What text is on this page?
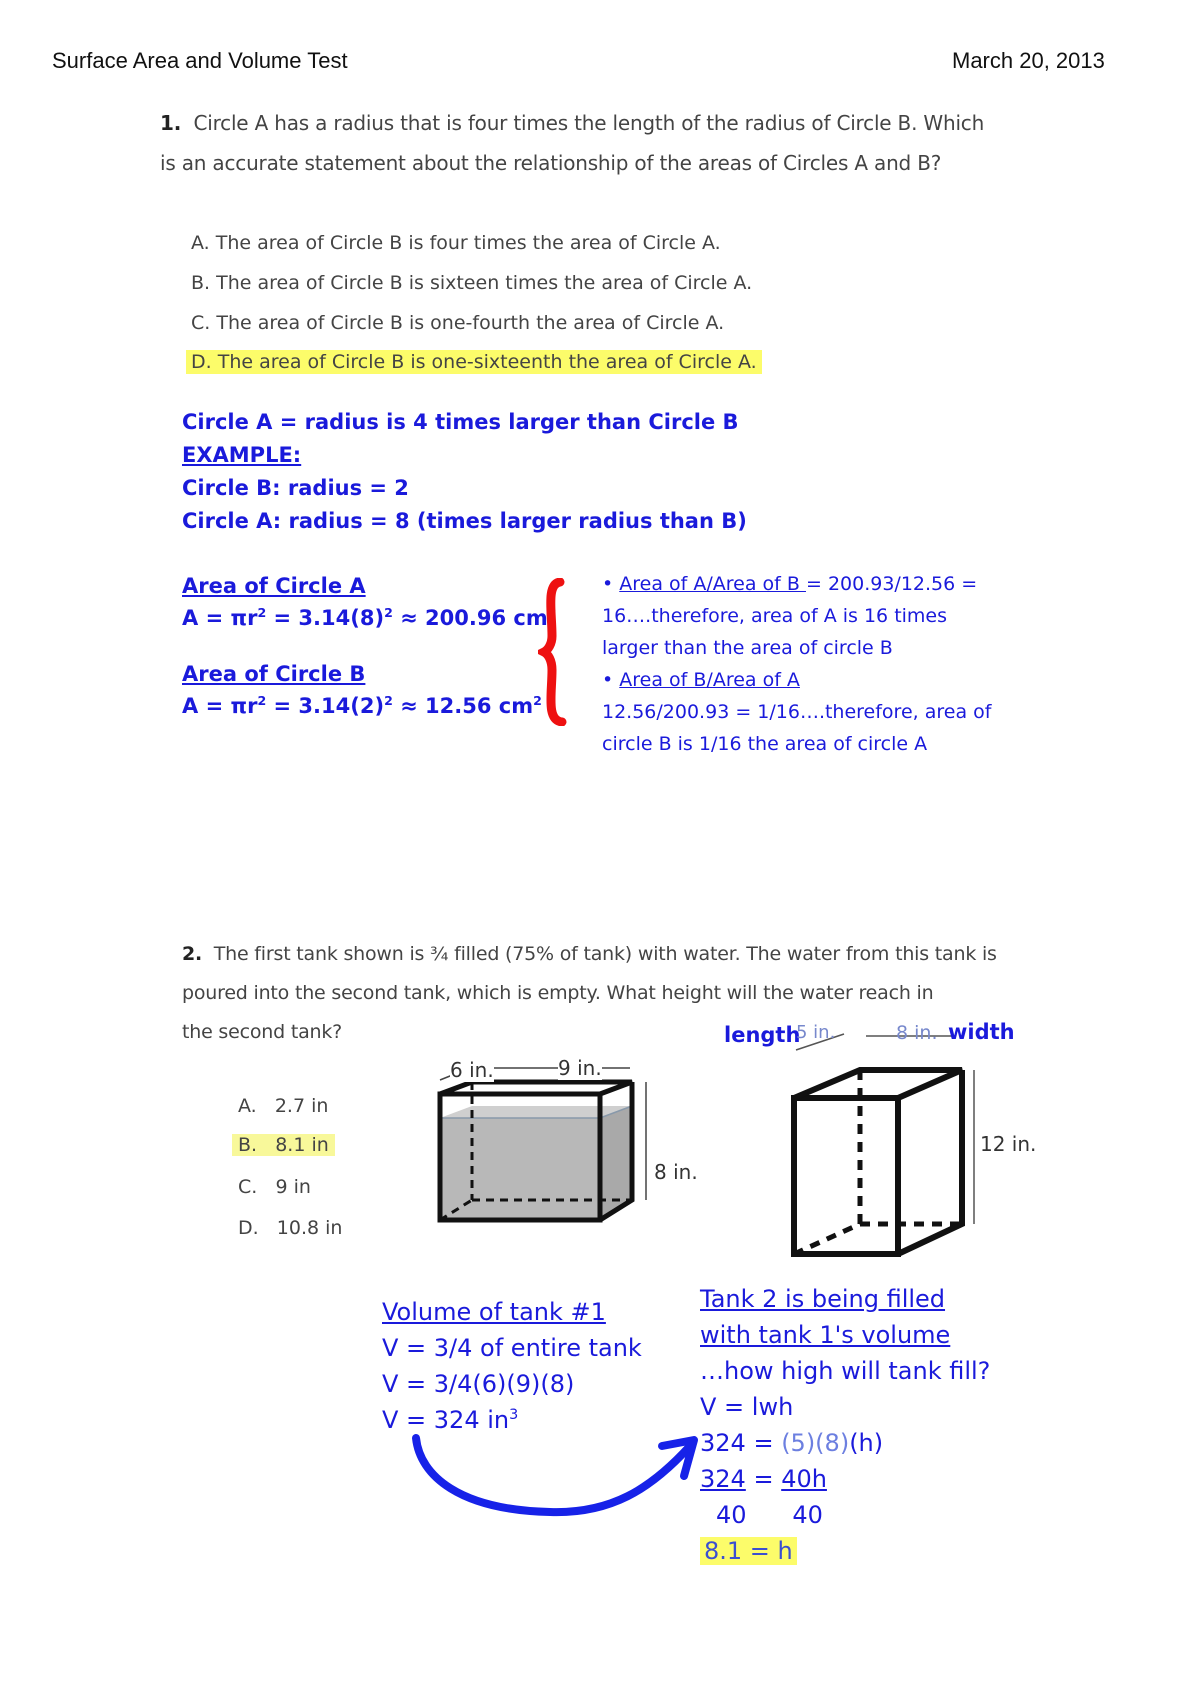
Surface Area and Volume Test	March 20, 2013
1. Circle A has a radius that is four times the length of the radius of Circle B. Which
is an accurate statement about the relationship of the areas of Circles A and B?
A. The area of Circle B is four times the area of Circle A.
B. The area of Circle B is sixteen times the area of Circle A.
C. The area of Circle B is one-fourth the area of Circle A.
D. The area of Circle B is one-sixteenth the area of Circle A.
Circle A = radius is 4 times larger than Circle B
EXAMPLE:
Circle B: radius = 2
Circle A: radius = 8 (times larger radius than B)
Area of Circle A
$A = \pi r^2 = 3.14(8)^2 \approx 200.96$ $cm^2$
Area of Circle B
$A = \pi r^2 = 3.14(2)^2 \approx 12.56$ $cm^2$
• Area of A/Area of B = 200.93/12.56 =
16….therefore, area of A is 16 times
larger than the area of circle B
• Area of B/Area of A
12.56/200.93 = 1/16….therefore, area of
circle B is 1/16 the area of circle A
2. The first tank shown is ¾ filled (75% of tank) with water. The water from this tank is
poured into the second tank, which is empty. What height will the water reach in
the second tank?
A. 2.7 in
B. 8.1 in
C. 9 in
D. 10.8 in
6 in.	9 in.
8 in.
length
5 in.	8 in. width
12 in.
Volume of tank #1
V = 3/4 of entire tank
V = 3/4(6)(9)(8)
V = 324 $in^3$
Tank 2 is being filled
with tank 1's volume
…how high will tank fill?
V = lwh
324 = (5)(8)(h)
324 = 40h
40      40
8.1 = h
